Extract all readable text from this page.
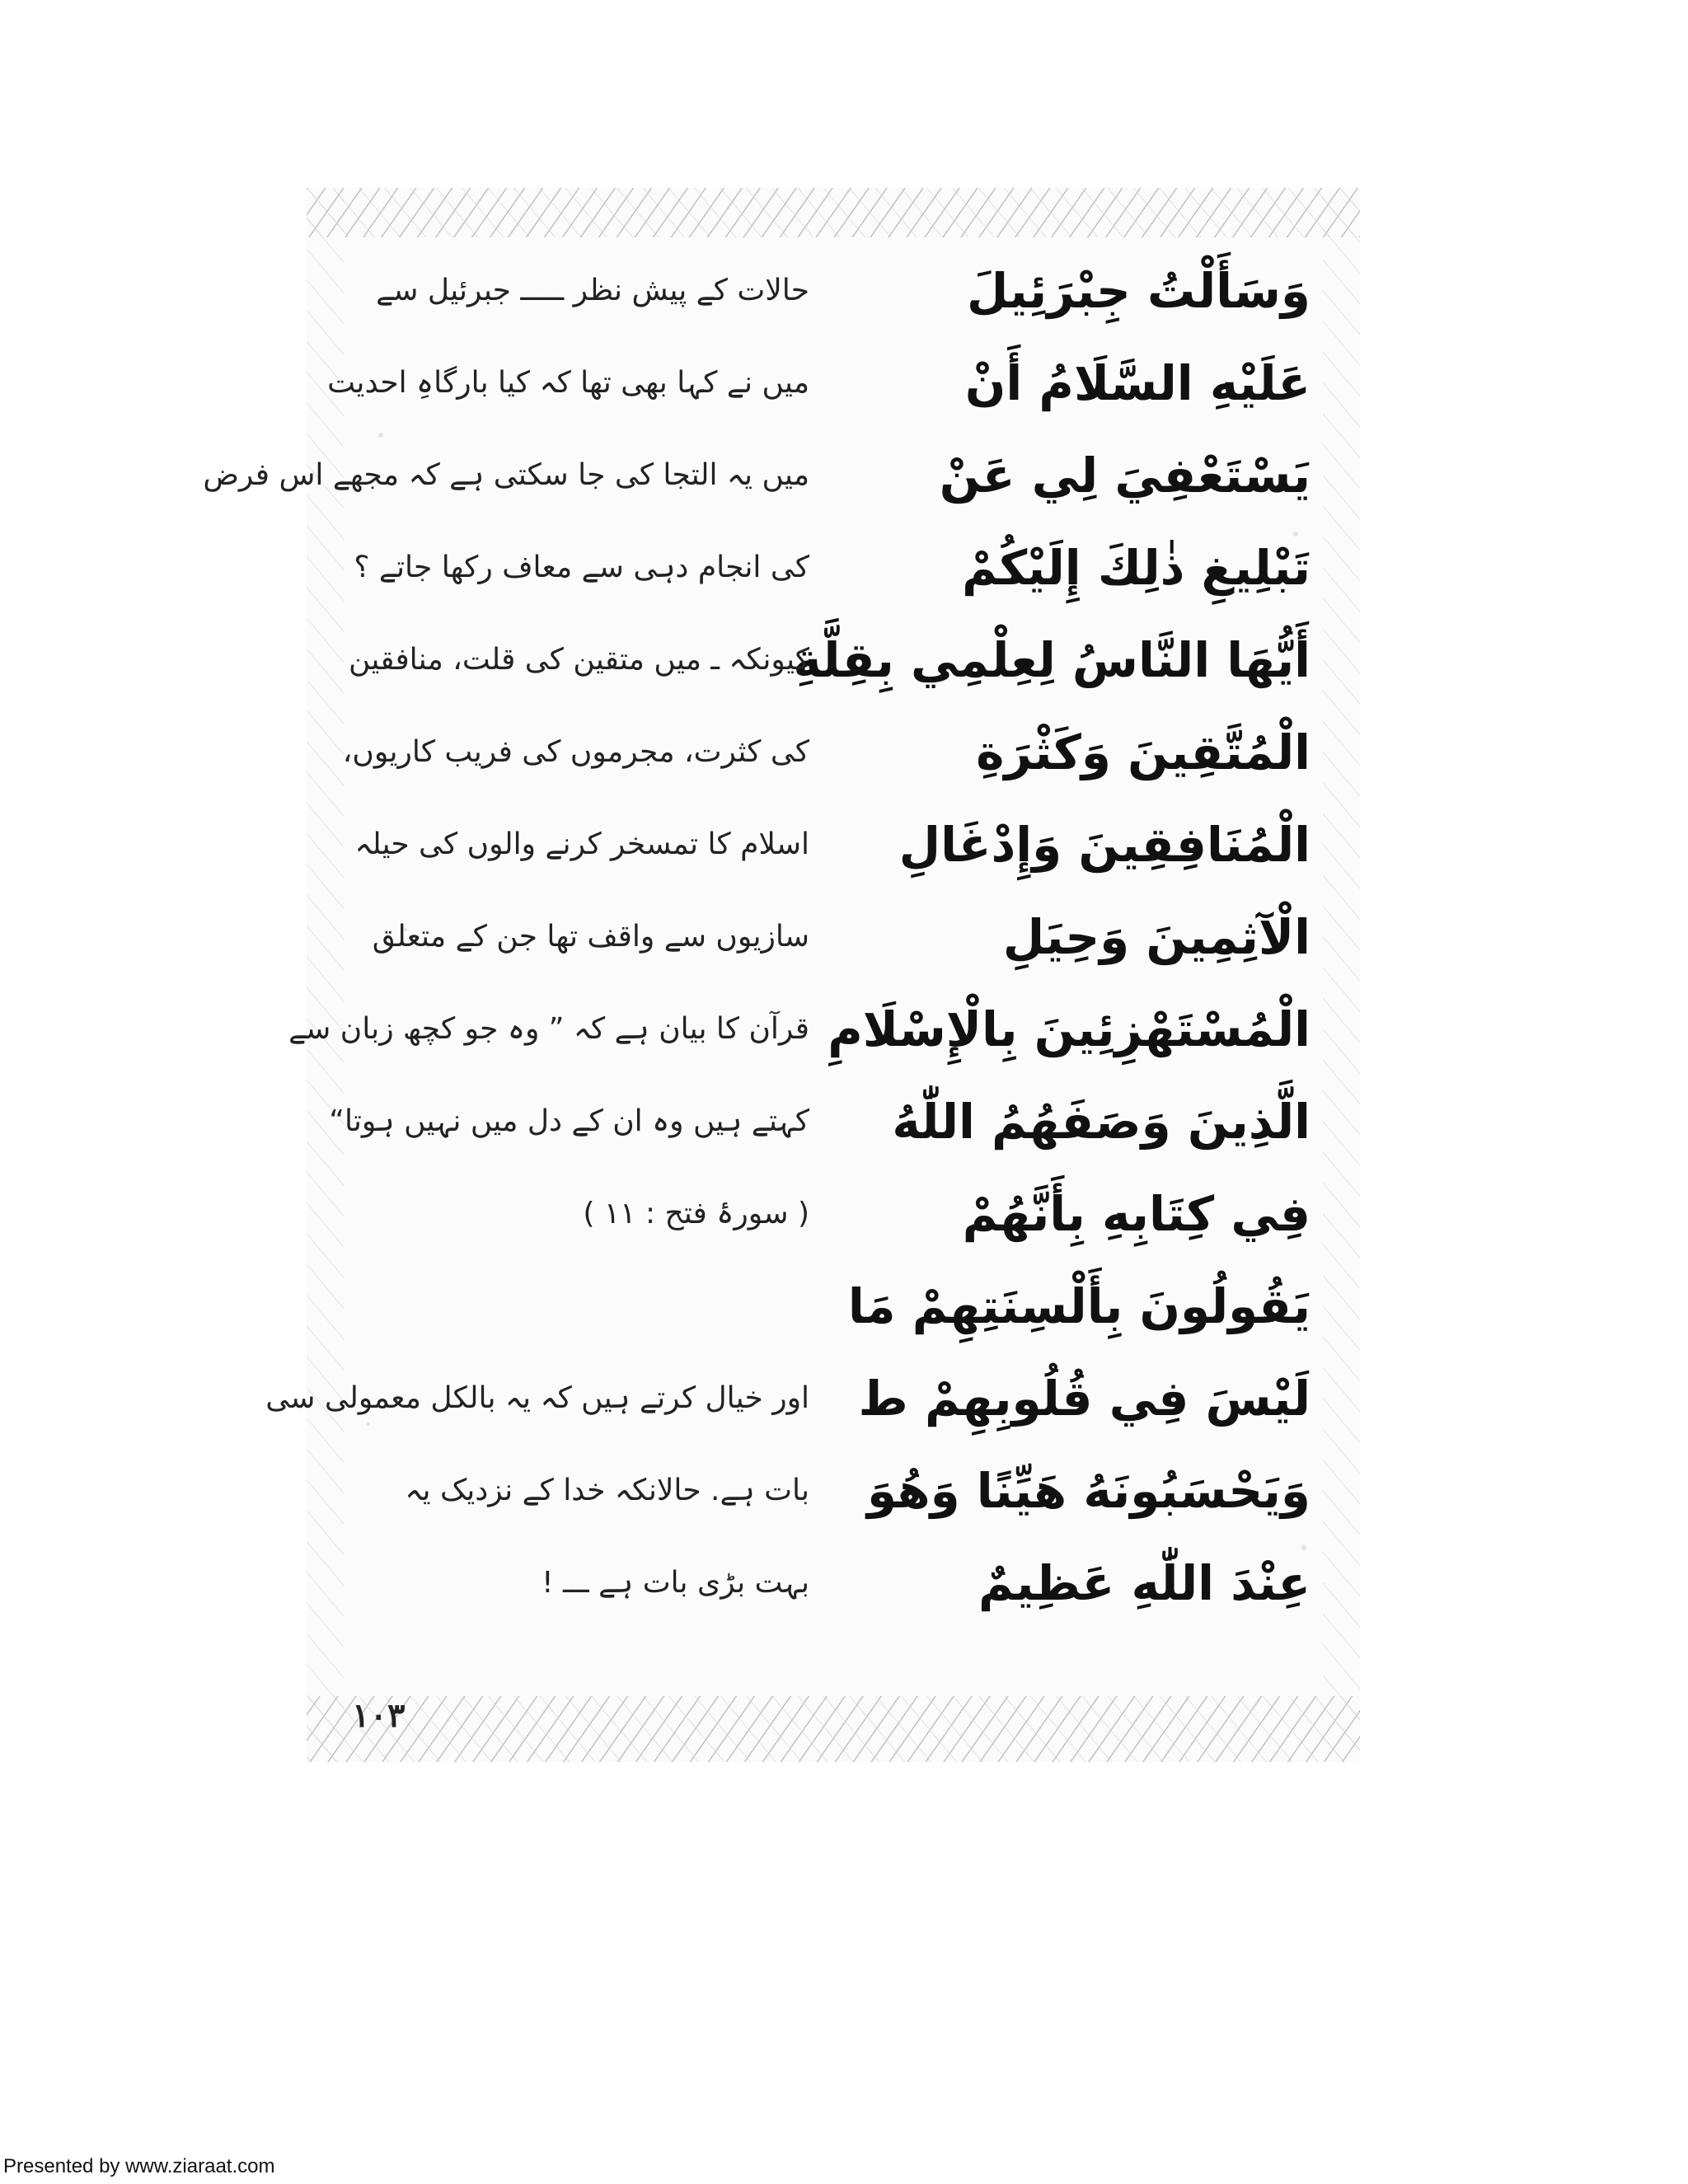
وَسَأَلْتُ جِبْرَئِيلَ
حالات کے پیش نظر ـــــ جبرئیل سے
عَلَيْهِ السَّلَامُ أَنْ
میں نے کہا بھی تھا کہ کیا بارگاہِ احدیت
يَسْتَعْفِيَ لِي عَنْ
میں یہ التجا کی جا سکتی ہے کہ مجھے اس فرض
تَبْلِيغِ ذٰلِكَ إِلَيْكُمْ
کی انجام دہی سے معاف رکھا جاتے ؟
أَيُّهَا النَّاسُ لِعِلْمِي بِقِلَّةِ
کیونکہ ـ میں متقین کی قلت، منافقین
الْمُتَّقِينَ وَكَثْرَةِ
کی کثرت، مجرموں کی فریب کاریوں،
الْمُنَافِقِينَ وَإِدْغَالِ
اسلام کا تمسخر کرنے والوں کی حیلہ
الْآثِمِينَ وَحِيَلِ
سازیوں سے واقف تھا جن کے متعلق
الْمُسْتَهْزِئِينَ بِالْإِسْلَامِ
قرآن کا بیان ہے کہ ” وہ جو کچھ زبان سے
الَّذِينَ وَصَفَهُمُ اللّٰهُ
کہتے ہیں وہ ان کے دل میں نہیں ہوتا“
فِي كِتَابِهِ بِأَنَّهُمْ
( سورۂ فتح : ۱۱ )
يَقُولُونَ بِأَلْسِنَتِهِمْ مَا
لَيْسَ فِي قُلُوبِهِمْ ط
اور خیال کرتے ہیں کہ یہ بالکل معمولی سی
وَيَحْسَبُونَهُ هَيِّنًا وَهُوَ
بات ہے. حالانکہ خدا کے نزدیک یہ
عِنْدَ اللّٰهِ عَظِيمٌ
بہت بڑی بات ہے ـــ !
۱۰۳
Presented by www.ziaraat.com
